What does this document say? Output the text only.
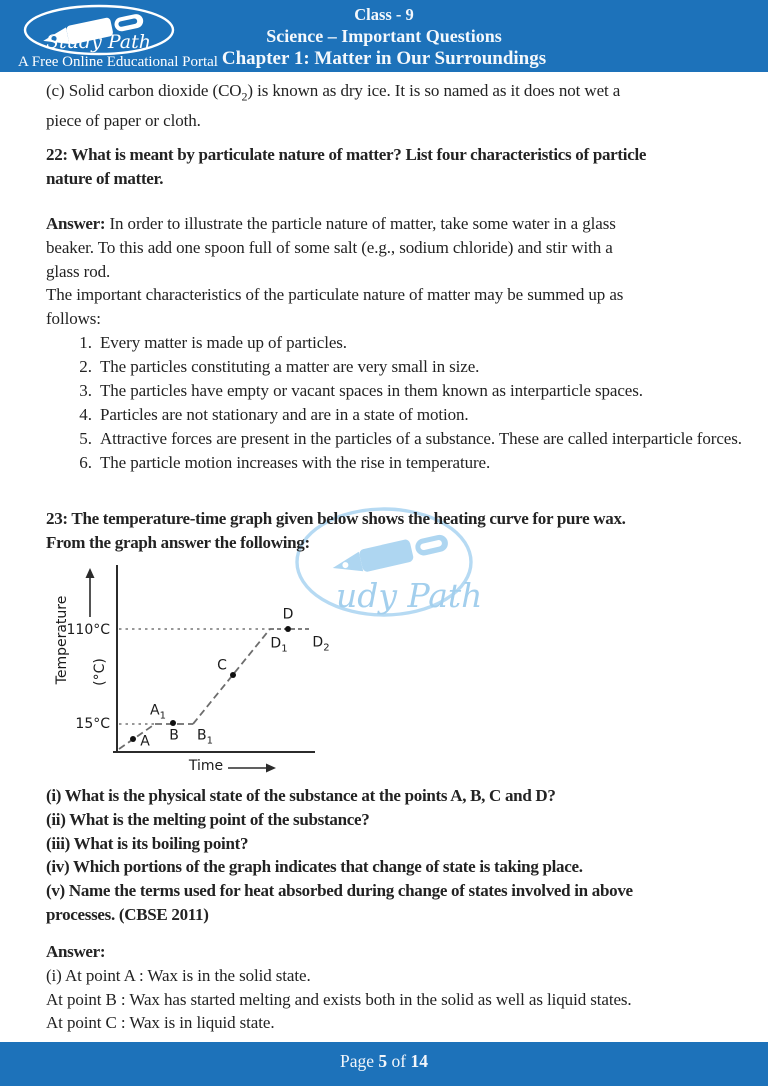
Class - 9
Science – Important Questions
Chapter 1: Matter in Our Surroundings
Study Path
A Free Online Educational Portal
(c) Solid carbon dioxide $(CO_2)$ is known as dry ice. It is so named as it does not wet a
piece of paper or cloth.
22: What is meant by particulate nature of matter? List four characteristics of particle
nature of matter.
Answer: In order to illustrate the particle nature of matter, take some water in a glass
beaker. To this add one spoon full of some salt (e.g., sodium chloride) and stir with a
glass rod.
The important characteristics of the particulate nature of matter may be summed up as
follows:
1. Every matter is made up of particles.
2. The particles constituting a matter are very small in size.
3. The particles have empty or vacant spaces in them known as interparticle spaces.
4. Particles are not stationary and are in a state of motion.
5. Attractive forces are present in the particles of a substance. These are called interparticle forces.
6. The particle motion increases with the rise in temperature.
23: The temperature-time graph given below shows the heating curve for pure wax.
From the graph answer the following:
udy Path
Temperature (°C)
110°C
15°C
Time
A
$A_1$
B $B_1$
C
D
$D_1$ $D_2$
(i) What is the physical state of the substance at the points A, B, C and D?
(ii) What is the melting point of the substance?
(iii) What is its boiling point?
(iv) Which portions of the graph indicates that change of state is taking place.
(v) Name the terms used for heat absorbed during change of states involved in above
processes. (CBSE 2011)
Answer:
(i) At point A : Wax is in the solid state.
At point B : Wax has started melting and exists both in the solid as well as liquid states.
At point C : Wax is in liquid state.
Page 5 of 14
